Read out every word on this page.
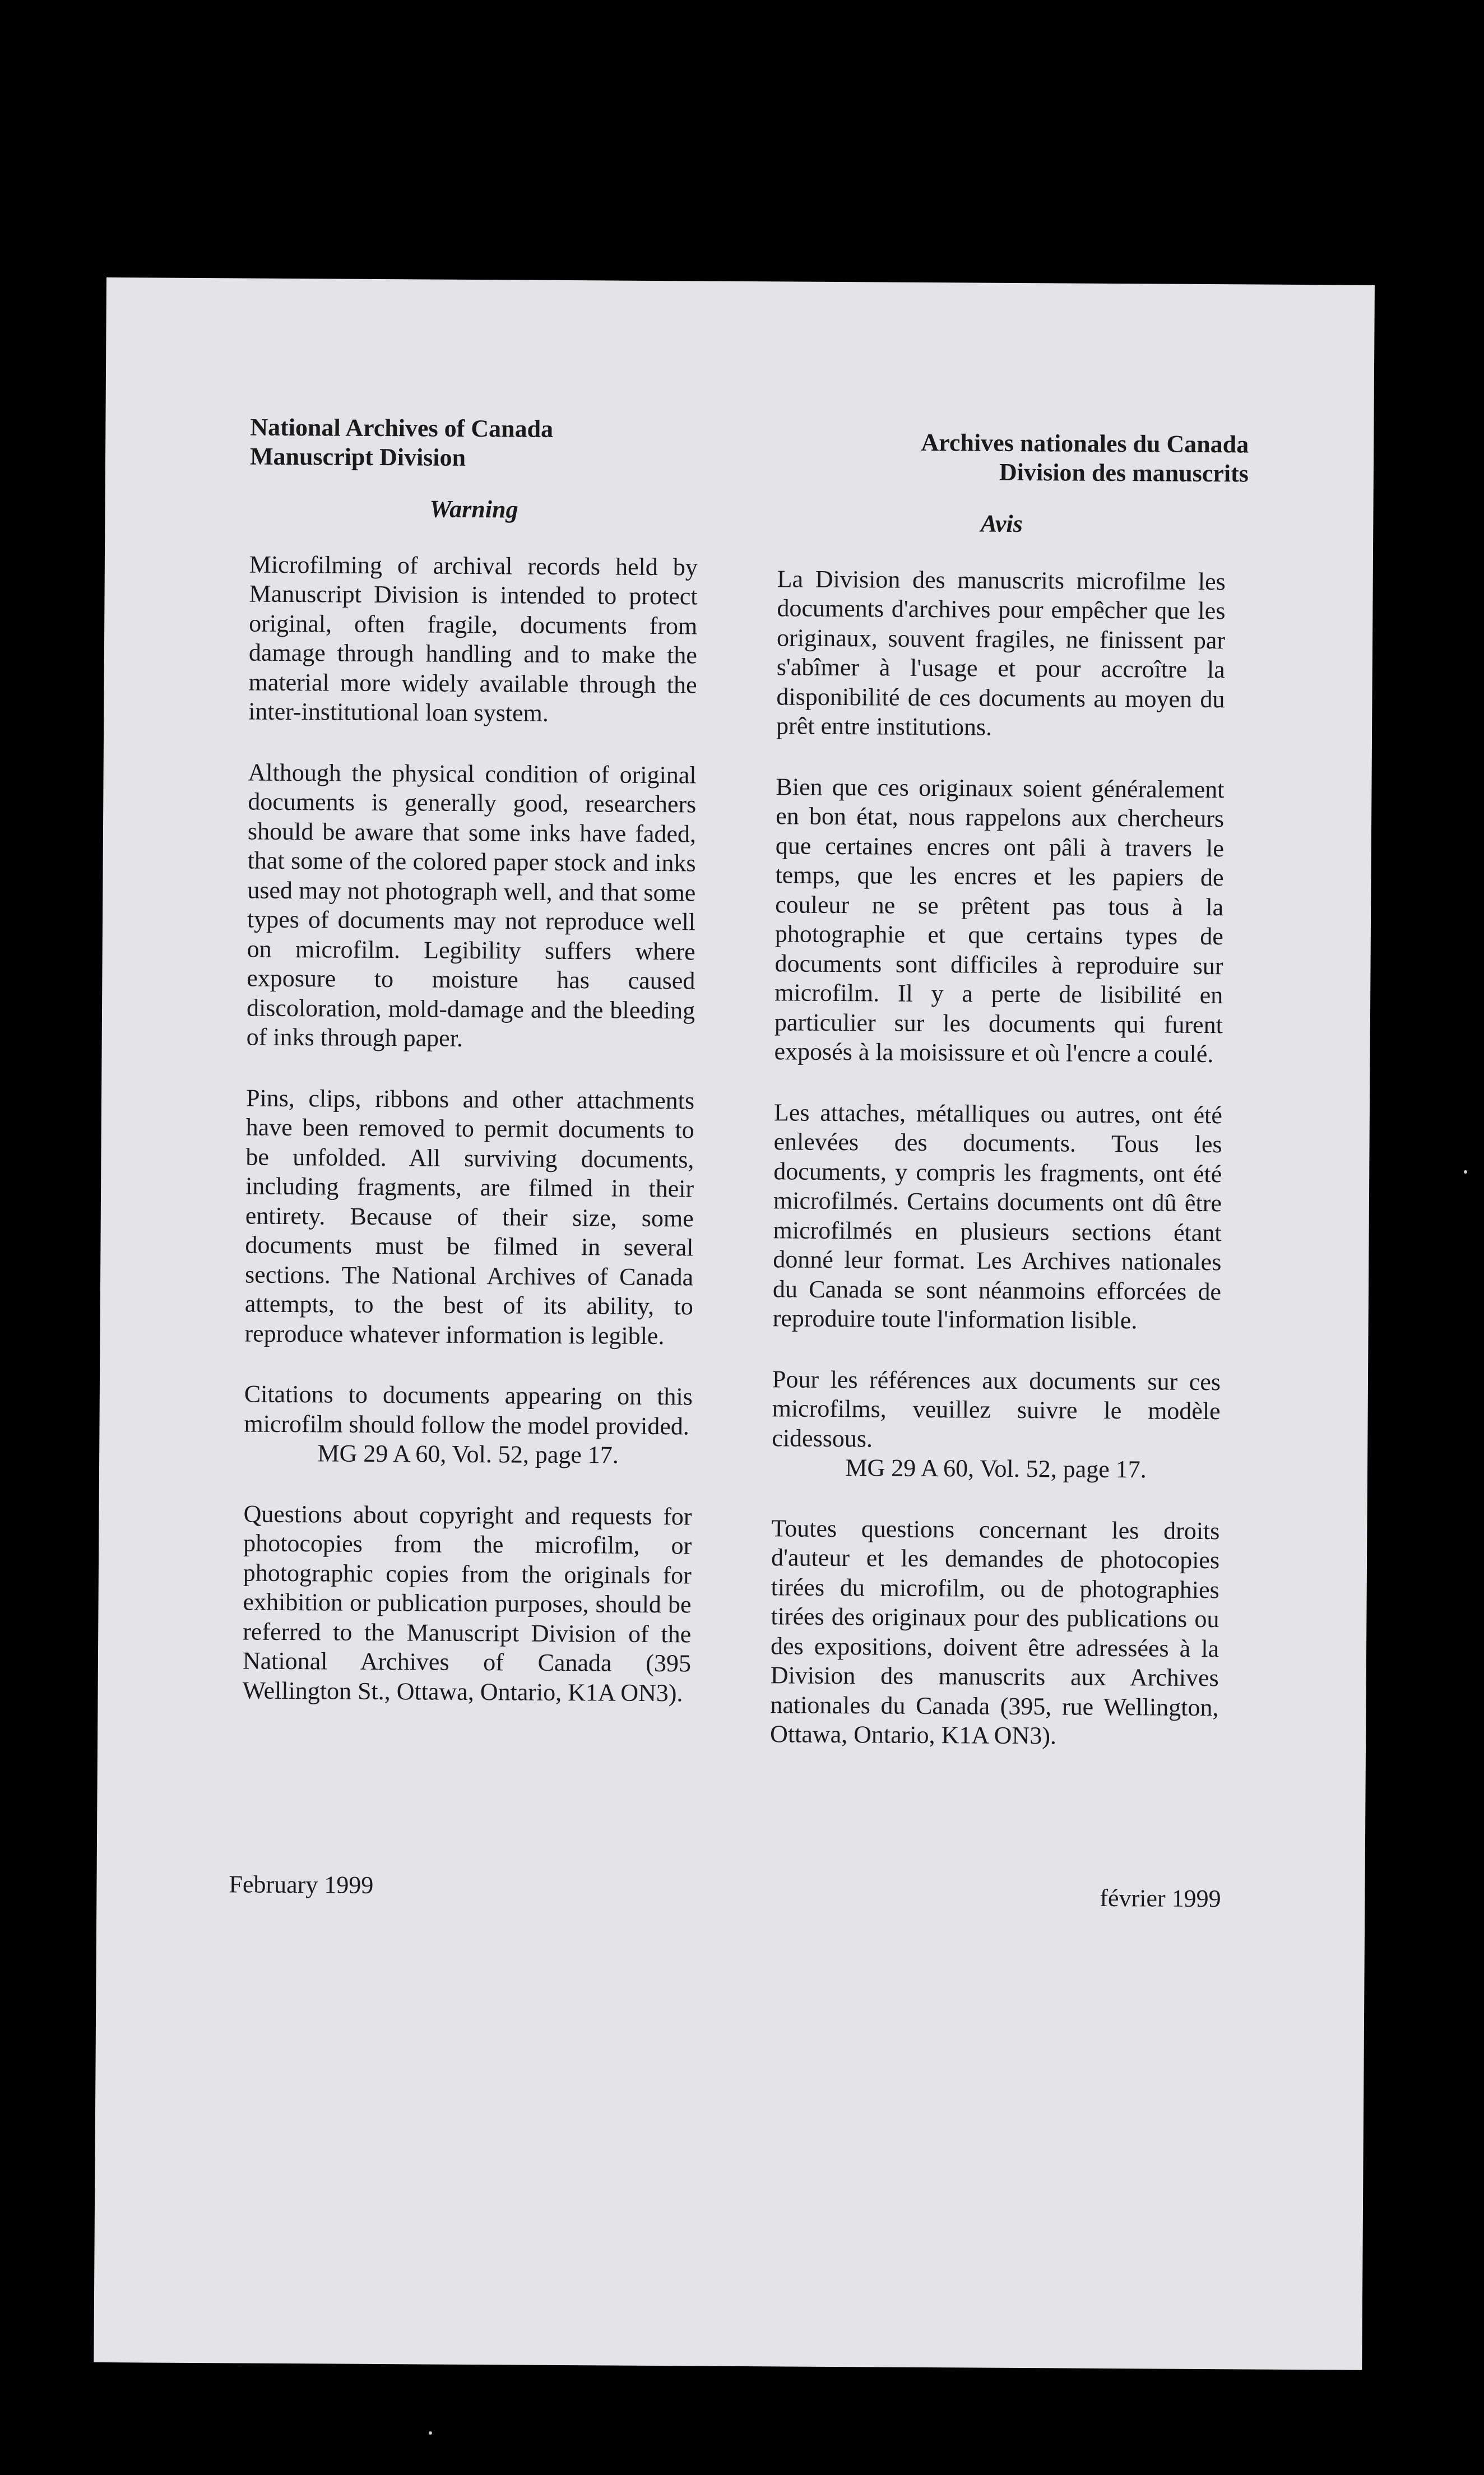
National Archives of Canada
Manuscript Division
Warning

Microfilming of archival records held by Manuscript Division is intended to protect original, often fragile, documents from damage through handling and to make the material more widely available through the inter-institutional loan system.

Although the physical condition of original documents is generally good, researchers should be aware that some inks have faded, that some of the colored paper stock and inks used may not photograph well, and that some types of documents may not reproduce well on microfilm. Legibility suffers where exposure to moisture has caused discoloration, mold-damage and the bleeding of inks through paper.

Pins, clips, ribbons and other attachments have been removed to permit documents to be unfolded. All surviving documents, including fragments, are filmed in their entirety. Because of their size, some documents must be filmed in several sections. The National Archives of Canada attempts, to the best of its ability, to reproduce whatever information is legible.

Citations to documents appearing on this microfilm should follow the model provided.

MG 29 A 60, Vol. 52, page 17.

Questions about copyright and requests for photocopies from the microfilm, or photographic copies from the originals for exhibition or publication purposes, should be referred to the Manuscript Division of the National Archives of Canada (395 Wellington St., Ottawa, Ontario, K1A ON3).

Archives nationales du Canada
Division des manuscrits
Avis

La Division des manuscrits microfilme les documents d'archives pour empêcher que les originaux, souvent fragiles, ne finissent par s'abîmer à l'usage et pour accroître la disponibilité de ces documents au moyen du prêt entre institutions.

Bien que ces originaux soient généralement en bon état, nous rappelons aux chercheurs que certaines encres ont pâli à travers le temps, que les encres et les papiers de couleur ne se prêtent pas tous à la photographie et que certains types de documents sont difficiles à reproduire sur microfilm. Il y a perte de lisibilité en particulier sur les documents qui furent exposés à la moisissure et où l'encre a coulé.

Les attaches, métalliques ou autres, ont été enlevées des documents. Tous les documents, y compris les fragments, ont été microfilmés. Certains documents ont dû être microfilmés en plusieurs sections étant donné leur format. Les Archives nationales du Canada se sont néanmoins efforcées de reproduire toute l'information lisible.

Pour les références aux documents sur ces microfilms, veuillez suivre le modèle cidessous.

MG 29 A 60, Vol. 52, page 17.

Toutes questions concernant les droits d'auteur et les demandes de photocopies tirées du microfilm, ou de photographies tirées des originaux pour des publications ou des expositions, doivent être adressées à la Division des manuscrits aux Archives nationales du Canada (395, rue Wellington, Ottawa, Ontario, K1A ON3).

February 1999	février 1999
